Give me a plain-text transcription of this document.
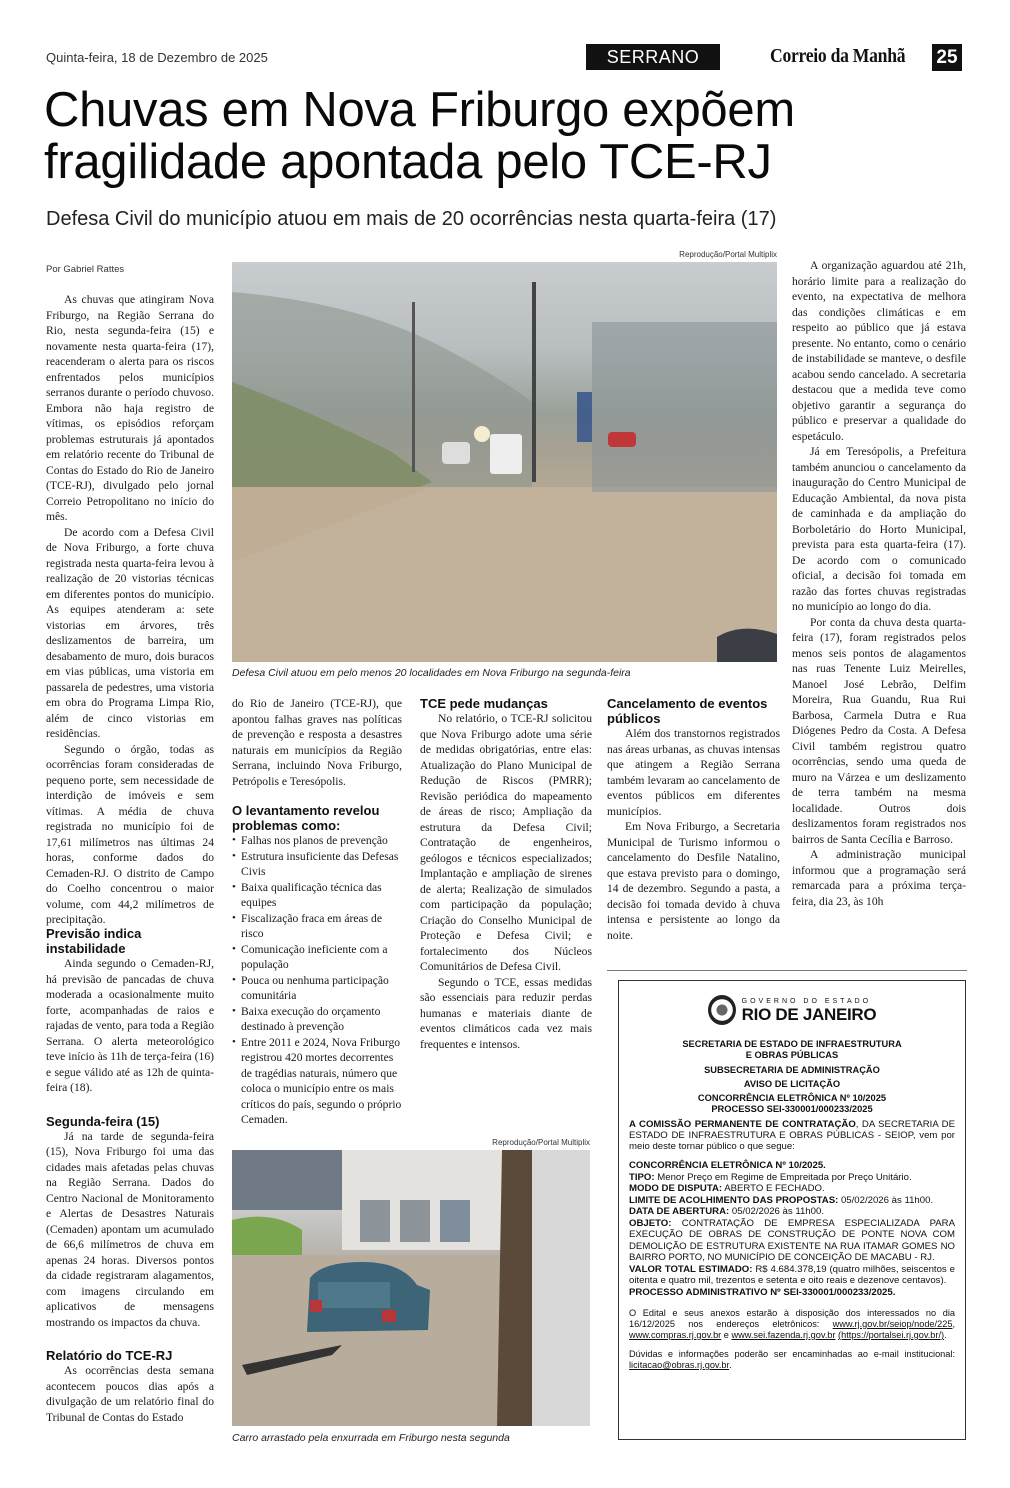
Quinta-feira, 18 de Dezembro de 2025	SERRANO	Correio da Manhã 25
Chuvas em Nova Friburgo expõem fragilidade apontada pelo TCE-RJ
Defesa Civil do município atuou em mais de 20 ocorrências nesta quarta-feira (17)
Por Gabriel Rattes

As chuvas que atingiram Nova Friburgo, na Região Serrana do Rio, nesta segunda-feira (15) e novamente nesta quarta-feira (17), reacenderam o alerta para os riscos enfrentados pelos municípios serranos durante o período chuvoso. Embora não haja registro de vítimas, os episódios reforçam problemas estruturais já apontados em relatório recente do Tribunal de Contas do Estado do Rio de Janeiro (TCE-RJ), divulgado pelo jornal Correio Petropolitano no início do mês.

De acordo com a Defesa Civil de Nova Friburgo, a forte chuva registrada nesta quarta-feira levou à realização de 20 vistorias técnicas em diferentes pontos do município. As equipes atenderam a: sete vistorias em árvores, três deslizamentos de barreira, um desabamento de muro, dois buracos em vias públicas, uma vistoria em passarela de pedestres, uma vistoria em obra do Programa Limpa Rio, além de cinco vistorias em residências.

Segundo o órgão, todas as ocorrências foram consideradas de pequeno porte, sem necessidade de interdição de imóveis e sem vítimas. A média de chuva registrada no município foi de 17,61 milímetros nas últimas 24 horas, conforme dados do Cemaden-RJ. O distrito de Campo do Coelho concentrou o maior volume, com 44,2 milímetros de precipitação.

Previsão indica instabilidade

Ainda segundo o Cemaden-RJ, há previsão de pancadas de chuva moderada a ocasionalmente muito forte, acompanhadas de raios e rajadas de vento, para toda a Região Serrana. O alerta meteorológico teve início às 11h de terça-feira (16) e segue válido até as 12h de quinta-feira (18).

Segunda-feira (15)

Já na tarde de segunda-feira (15), Nova Friburgo foi uma das cidades mais afetadas pelas chuvas na Região Serrana. Dados do Centro Nacional de Monitoramento e Alertas de Desastres Naturais (Cemaden) apontam um acumulado de 66,6 milímetros de chuva em apenas 24 horas. Diversos pontos da cidade registraram alagamentos, com imagens circulando em aplicativos de mensagens mostrando os impactos da chuva.

Relatório do TCE-RJ

As ocorrências desta semana acontecem poucos dias após a divulgação de um relatório final do Tribunal de Contas do Estado

Reprodução/Portal Multiplix
Defesa Civil atuou em pelo menos 20 localidades em Nova Friburgo na segunda-feira

do Rio de Janeiro (TCE-RJ), que apontou falhas graves nas políticas de prevenção e resposta a desastres naturais em municípios da Região Serrana, incluindo Nova Friburgo, Petrópolis e Teresópolis.

O levantamento revelou problemas como:
• Falhas nos planos de prevenção
• Estrutura insuficiente das Defesas Civis
• Baixa qualificação técnica das equipes
• Fiscalização fraca em áreas de risco
• Comunicação ineficiente com a população
• Pouca ou nenhuma participação comunitária
• Baixa execução do orçamento destinado à prevenção
• Entre 2011 e 2024, Nova Friburgo registrou 420 mortes decorrentes de tragédias naturais, número que coloca o município entre os mais críticos do país, segundo o próprio Cemaden.
TCE pede mudanças

No relatório, o TCE-RJ solicitou que Nova Friburgo adote uma série de medidas obrigatórias, entre elas: Atualização do Plano Municipal de Redução de Riscos (PMRR); Revisão periódica do mapeamento de áreas de risco; Ampliação da estrutura da Defesa Civil; Contratação de engenheiros, geólogos e técnicos especializados; Implantação e ampliação de sirenes de alerta; Realização de simulados com participação da população; Criação do Conselho Municipal de Proteção e Defesa Civil; e fortalecimento dos Núcleos Comunitários de Defesa Civil.

Segundo o TCE, essas medidas são essenciais para reduzir perdas humanas e materiais diante de eventos climáticos cada vez mais frequentes e intensos.

Cancelamento de eventos públicos

Além dos transtornos registrados nas áreas urbanas, as chuvas intensas que atingem a Região Serrana também levaram ao cancelamento de eventos públicos em diferentes municípios.

Em Nova Friburgo, a Secretaria Municipal de Turismo informou o cancelamento do Desfile Natalino, que estava previsto para o domingo, 14 de dezembro. Segundo a pasta, a decisão foi tomada devido à chuva intensa e persistente ao longo da noite.

A organização aguardou até 21h, horário limite para a realização do evento, na expectativa de melhora das condições climáticas e em respeito ao público que já estava presente. No entanto, como o cenário de instabilidade se manteve, o desfile acabou sendo cancelado. A secretaria destacou que a medida teve como objetivo garantir a segurança do público e preservar a qualidade do espetáculo.

Já em Teresópolis, a Prefeitura também anunciou o cancelamento da inauguração do Centro Municipal de Educação Ambiental, da nova pista de caminhada e da ampliação do Borboletário do Horto Municipal, prevista para esta quarta-feira (17). De acordo com o comunicado oficial, a decisão foi tomada em razão das fortes chuvas registradas no município ao longo do dia.

Por conta da chuva desta quarta-feira (17), foram registrados pelos menos seis pontos de alagamentos nas ruas Tenente Luiz Meirelles, Manoel José Lebrão, Delfim Moreira, Rua Guandu, Rua Rui Barbosa, Carmela Dutra e Rua Diógenes Pedro da Costa. A Defesa Civil também registrou quatro ocorrências, sendo uma queda de muro na Várzea e um deslizamento de terra também na mesma localidade. Outros dois deslizamentos foram registrados nos bairros de Santa Cecília e Barroso.

A administração municipal informou que a programação será remarcada para a próxima terça-feira, dia 23, às 10h

Reprodução/Portal Multiplix
Carro arrastado pela enxurrada em Friburgo nesta segunda
GOVERNO DO ESTADO
RIO DE JANEIRO
SECRETARIA DE ESTADO DE INFRAESTRUTURA
E OBRAS PÚBLICAS
SUBSECRETARIA DE ADMINISTRAÇÃO
AVISO DE LICITAÇÃO
CONCORRÊNCIA ELETRÔNICA Nº 10/2025
PROCESSO SEI-330001/000233/2025

A COMISSÃO PERMANENTE DE CONTRATAÇÃO, DA SECRETARIA DE ESTADO DE INFRAESTRUTURA E OBRAS PÚBLICAS - SEIOP, vem por meio deste tornar público o que segue:

CONCORRÊNCIA ELETRÔNICA Nº 10/2025.
TIPO: Menor Preço em Regime de Empreitada por Preço Unitário.
MODO DE DISPUTA: ABERTO E FECHADO.
LIMITE DE ACOLHIMENTO DAS PROPOSTAS: 05/02/2026 às 11h00.
DATA DE ABERTURA: 05/02/2026 às 11h00.
OBJETO: CONTRATAÇÃO DE EMPRESA ESPECIALIZADA PARA EXECUÇÃO DE OBRAS DE CONSTRUÇÃO DE PONTE NOVA COM DEMOLIÇÃO DE ESTRUTURA EXISTENTE NA RUA ITAMAR GOMES NO BAIRRO PORTO, NO MUNICÍPIO DE CONCEIÇÃO DE MACABU - RJ.
VALOR TOTAL ESTIMADO: R$ 4.684.378,19 (quatro milhões, seiscentos e oitenta e quatro mil, trezentos e setenta e oito reais e dezenove centavos).
PROCESSO ADMINISTRATIVO Nº SEI-330001/000233/2025.

O Edital e seus anexos estarão à disposição dos interessados no dia 16/12/2025 nos endereços eletrônicos: www.rj.gov.br/seiop/node/225, www.compras.rj.gov.br e www.sei.fazenda.rj.gov.br (https://portalsei.rj.gov.br/).

Dúvidas e informações poderão ser encaminhadas ao e-mail institucional: licitacao@obras.rj.gov.br.
